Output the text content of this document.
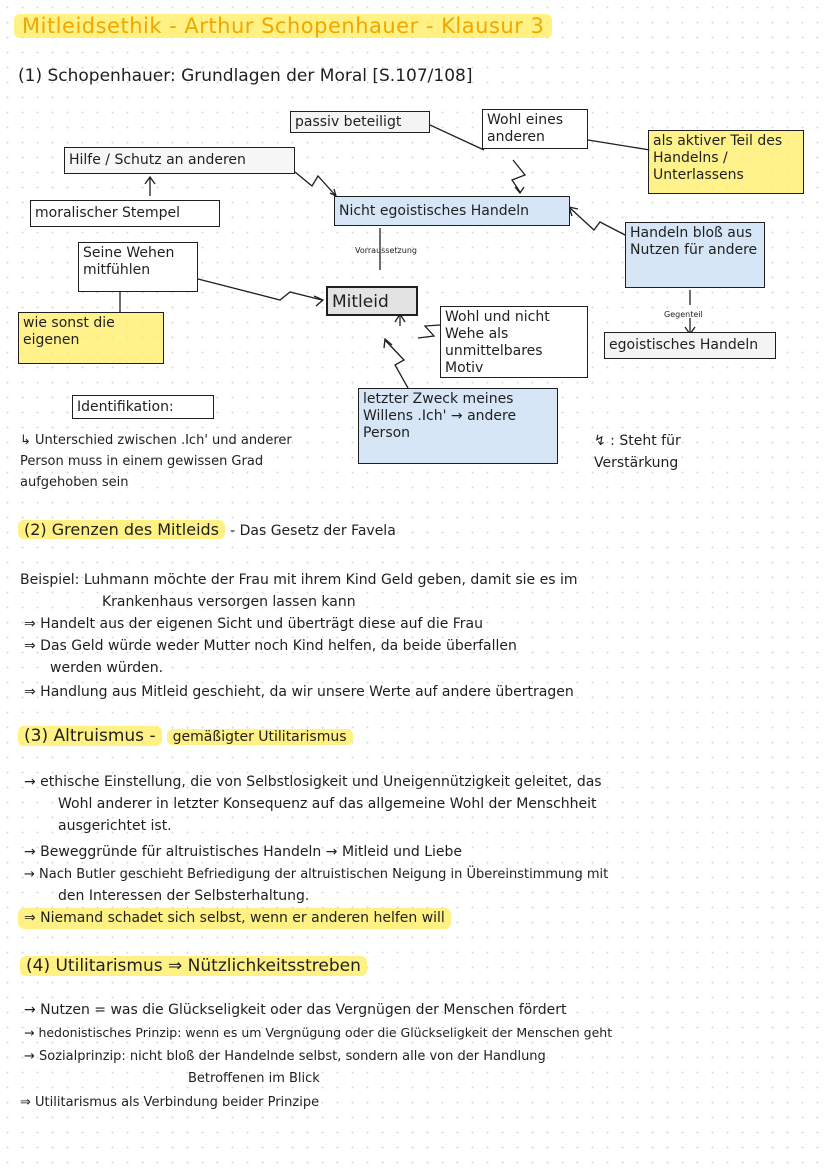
Mitleidsethik - Arthur Schopenhauer - Klausur 3
(1) Schopenhauer: Grundlagen der Moral [S.107/108]
passiv beteiligt	Wohl eines anderen	als aktiver Teil des Handelns / Unterlassens
Hilfe / Schutz an anderen
moralischer Stempel	Nicht egoistisches Handeln
Handeln bloß aus Nutzen für andere
Seine Wehen mitfühlen
Vorraussetzung
Mitleid
Gegenteil
egoistisches Handeln
wie sonst die eigenen
Wohl und nicht Wehe als unmittelbares Motiv
letzter Zweck meines Willens .Ich' → andere Person
Identifikation:
↳ Unterschied zwischen .Ich' und anderer Person muss in einem gewissen Grad aufgehoben sein
↯ : Steht für Verstärkung
(2) Grenzen des Mitleids - Das Gesetz der Favela
Beispiel: Luhmann möchte der Frau mit ihrem Kind Geld geben, damit sie es im
Krankenhaus versorgen lassen kann
⇒ Handelt aus der eigenen Sicht und überträgt diese auf die Frau
⇒ Das Geld würde weder Mutter noch Kind helfen, da beide überfallen
werden würden.
⇒ Handlung aus Mitleid geschieht, da wir unsere Werte auf andere übertragen
(3) Altruismus - gemäßigter Utilitarismus
→ ethische Einstellung, die von Selbstlosigkeit und Uneigennützigkeit geleitet, das
Wohl anderer in letzter Konsequenz auf das allgemeine Wohl der Menschheit
ausgerichtet ist.
→ Beweggründe für altruistisches Handeln → Mitleid und Liebe
→ Nach Butler geschieht Befriedigung der altruistischen Neigung in Übereinstimmung mit
den Interessen der Selbsterhaltung.
⇒ Niemand schadet sich selbst, wenn er anderen helfen will
(4) Utilitarismus ⇒ Nützlichkeitsstreben
→ Nutzen = was die Glückseligkeit oder das Vergnügen der Menschen fördert
→ hedonistisches Prinzip: wenn es um Vergnügung oder die Glückseligkeit der Menschen geht
→ Sozialprinzip: nicht bloß der Handelnde selbst, sondern alle von der Handlung
Betroffenen im Blick
⇒ Utilitarismus als Verbindung beider Prinzipe
